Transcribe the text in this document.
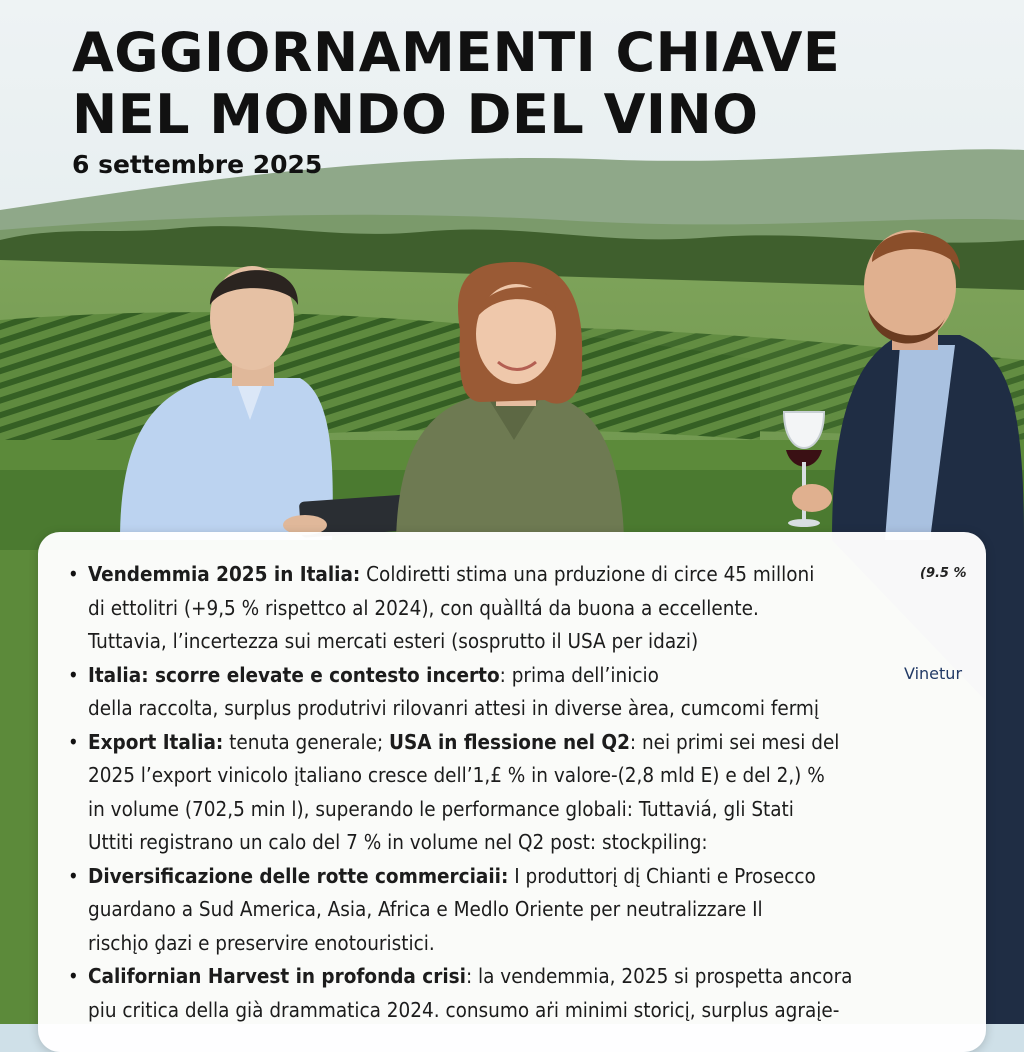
AGGIORNAMENTI CHIAVE
NEL MONDO DEL VINO

6 settembre 2025

• Vendemmia 2025 in Italia: Coldiretti stima una prduzione di circe 45 milloni
di ettolitri (+9,5 % rispettco al 2024), con quàlltá da buona a eccellente.
Tuttavia, l’incertezza sui mercati esteri (sosprutto il USA per idazi)
• Italia: scorre elevate e contesto incerto: prima dell’inicio
della raccolta, surplus produtrivi rilovanri attesi in diverse àrea, cumcomi fermį
• Export Italia: tenuta generale; USA in flessione nel Q2: nei primi sei mesi del
2025 l’export vinicolo įtaliano cresce dell’1,£ % in valore-(2,8 mld E) e del 2,) %
in volume (702,5 min l), superando le performance globali: Tuttaviá, gli Stati
Uttiti registrano un calo del 7 % in volume nel Q2 post: stockpiling:
• Diversificazione delle rotte commerciaii: I produttorį dį Chianti e Prosecco
guardano a Sud America, Asia, Africa e Medlo Oriente per neutralizzare Il
rischįo ḑazi e preservire enotouristici.
• Californian Harvest in profonda crisi: la vendemmia, 2025 si prospetta ancora
piu critica della già drammatica 2024. consumo aṙi minimi storicį, surplus agraįe-
(9.5 %
Vinetur
